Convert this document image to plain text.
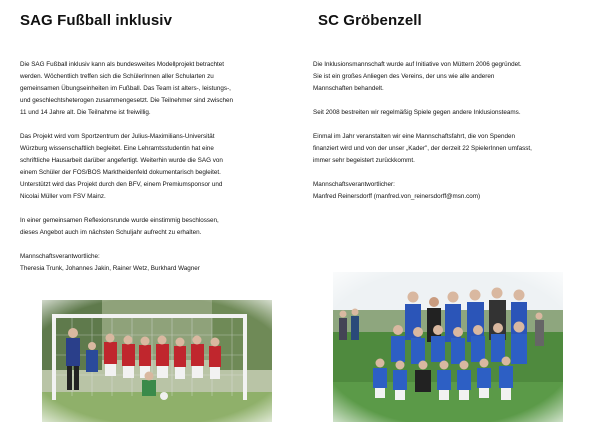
SAG Fußball inklusiv

Die SAG Fußball inklusiv kann als bundesweites Modellprojekt betrachtet
werden. Wöchentlich treffen sich die SchülerInnen aller Schularten zu
gemeinsamen Übungseinheiten im Fußball. Das Team ist alters-, leistungs-,
und geschlechtsheterogen zusammengesetzt. Die Teilnehmer sind zwischen
11 und 14 Jahre alt. Die Teilnahme ist freiwillig.

Das Projekt wird vom Sportzentrum der Julius-Maximilians-Universität
Würzburg wissenschaftlich begleitet. Eine Lehramtsstudentin hat eine
schriftliche Hausarbeit darüber angefertigt. Weiterhin wurde die SAG von
einem Schüler der FOS/BOS Marktheidenfeld dokumentarisch begleitet.
Unterstützt wird das Projekt durch den BFV, einem Premiumsponsor und
Nicolai Müller vom FSV Mainz.

In einer gemeinsamen Reflexionsrunde wurde einstimmig beschlossen,
dieses Angebot auch im nächsten Schuljahr aufrecht zu erhalten.

Mannschaftsverantwortliche:
Theresia Trunk, Johannes Jakin, Rainer Wetz, Burkhard Wagner

SC Gröbenzell

Die Inklusionsmannschaft wurde auf Initiative von Müttern 2006 gegründet.
Sie ist ein großes Anliegen des Vereins, der uns wie alle anderen
Mannschaften behandelt.

Seit 2008 bestreiten wir regelmäßig Spiele gegen andere Inklusionsteams.

Einmal im Jahr veranstalten wir eine Mannschaftsfahrt, die von Spenden
finanziert wird und von der unser „Kader", der derzeit 22 SpielerInnen umfasst,
immer sehr begeistert zurückkommt.

Mannschaftsverantwortlicher:
Manfred Reinersdorff (manfred.von_reinersdorff@msn.com)
